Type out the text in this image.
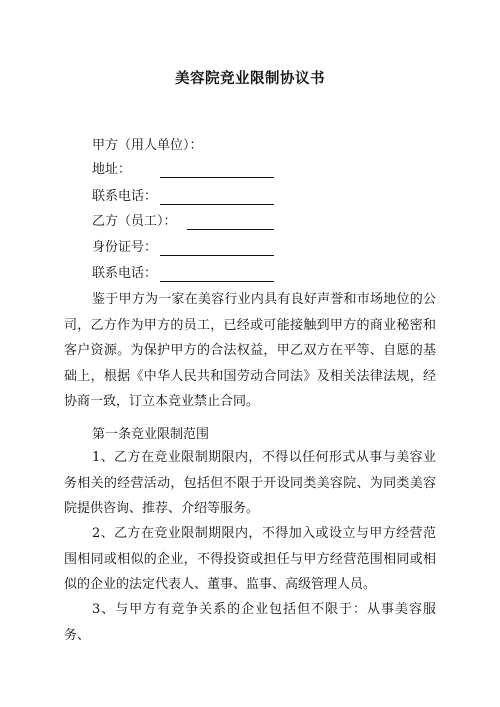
美容院竞业限制协议书
甲方（用人单位）：
地址：
联系电话：
乙方（员工）：
身份证号：
联系电话：

鉴于甲方为一家在美容行业内具有良好声誉和市场地位的公司，乙方作为甲方的员工，已经或可能接触到甲方的商业秘密和客户资源。为保护甲方的合法权益，甲乙双方在平等、自愿的基础上，根据《中华人民共和国劳动合同法》及相关法律法规，经协商一致，订立本竞业禁止合同。

第一条竞业限制范围

1、乙方在竞业限制期限内，不得以任何形式从事与美容业务相关的经营活动，包括但不限于开设同类美容院、为同类美容院提供咨询、推荐、介绍等服务。

2、乙方在竞业限制期限内，不得加入或设立与甲方经营范围相同或相似的企业，不得投资或担任与甲方经营范围相同或相似的企业的法定代表人、董事、监事、高级管理人员。

3、与甲方有竞争关系的企业包括但不限于：从事美容服务、
